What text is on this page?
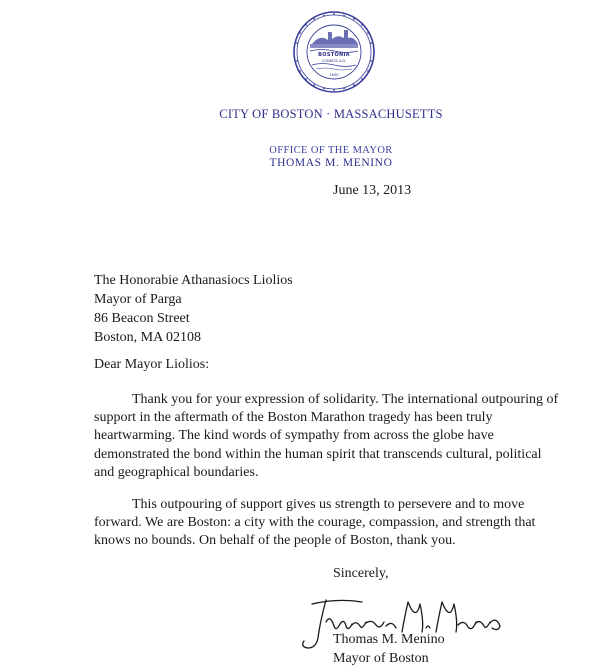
BOSTONIA
CONDITA A.D.
1630
CITY OF BOSTON · MASSACHUSETTS
OFFICE OF THE MAYOR
THOMAS M. MENINO
June 13, 2013
The Honorabie Athanasiocs Liolios
Mayor of Parga
86 Beacon Street
Boston, MA 02108
Dear Mayor Liolios:
Thank you for your expression of solidarity. The international outpouring of support in the aftermath of the Boston Marathon tragedy has been truly heartwarming. The kind words of sympathy from across the globe have demonstrated the bond within the human spirit that transcends cultural, political and geographical boundaries.
This outpouring of support gives us strength to persevere and to move forward. We are Boston: a city with the courage, compassion, and strength that knows no bounds. On behalf of the people of Boston, thank you.
Sincerely,
Thomas M. Menino
Thomas M. Menino
Mayor of Boston
